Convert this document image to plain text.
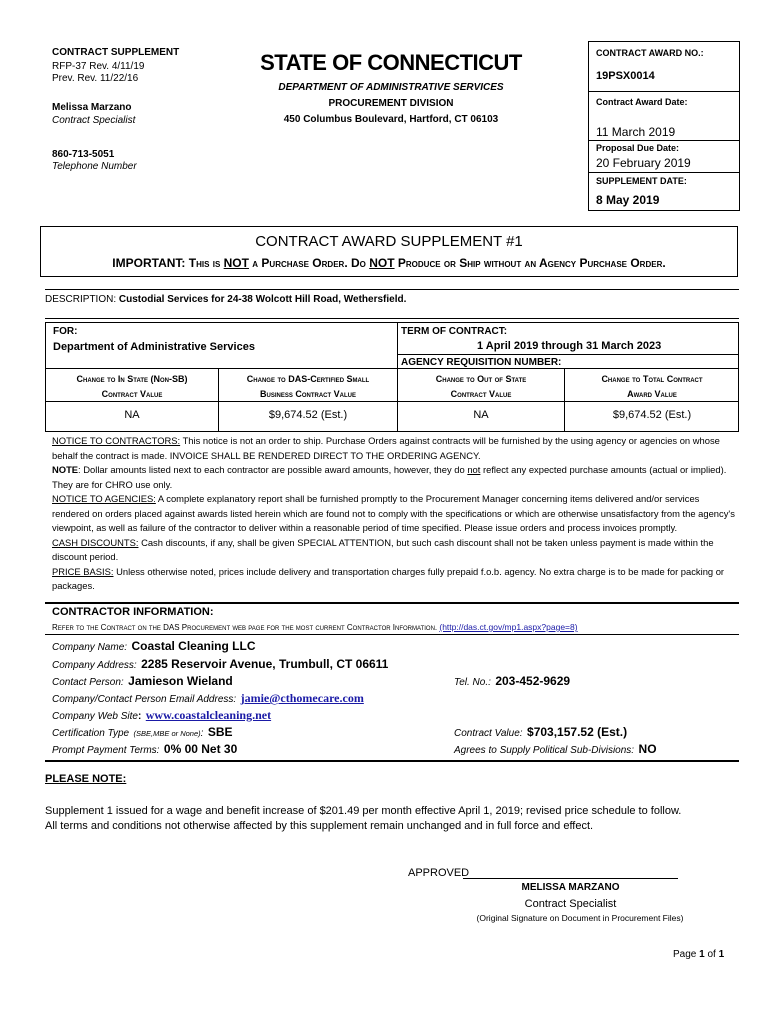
CONTRACT SUPPLEMENT
RFP-37 Rev. 4/11/19
Prev. Rev. 11/22/16
Melissa Marzano
Contract Specialist
860-713-5051
Telephone Number
STATE OF CONNECTICUT
DEPARTMENT OF ADMINISTRATIVE SERVICES
PROCUREMENT DIVISION
450 Columbus Boulevard, Hartford, CT 06103
CONTRACT AWARD NO.:
19PSX0014
Contract Award Date:
11 March 2019
Proposal Due Date:
20 February 2019
SUPPLEMENT DATE:
8 May 2019
CONTRACT AWARD SUPPLEMENT #1
IMPORTANT: This is NOT a Purchase Order. Do NOT Produce or Ship without an Agency Purchase Order.
DESCRIPTION: Custodial Services for 24-38 Wolcott Hill Road, Wethersfield.
FOR:
Department of Administrative Services
TERM OF CONTRACT:
1 April 2019 through 31 March 2023
AGENCY REQUISITION NUMBER:
Change to In State (Non-SB)
Contract Value
Change to DAS-Certified Small
Business Contract Value
Change to Out of State
Contract Value
Change to Total Contract
Award Value
NA	$9,674.52 (Est.)	NA	$9,674.52 (Est.)
NOTICE TO CONTRACTORS: This notice is not an order to ship. Purchase Orders against contracts will be furnished by the using agency or agencies on whose behalf the contract is made. INVOICE SHALL BE RENDERED DIRECT TO THE ORDERING AGENCY.
NOTE: Dollar amounts listed next to each contractor are possible award amounts, however, they do not reflect any expected purchase amounts (actual or implied). They are for CHRO use only.
NOTICE TO AGENCIES: A complete explanatory report shall be furnished promptly to the Procurement Manager concerning items delivered and/or services rendered on orders placed against awards listed herein which are found not to comply with the specifications or which are otherwise unsatisfactory from the agency's viewpoint, as well as failure of the contractor to deliver within a reasonable period of time specified. Please issue orders and process invoices promptly.
CASH DISCOUNTS: Cash discounts, if any, shall be given SPECIAL ATTENTION, but such cash discount shall not be taken unless payment is made within the discount period.
PRICE BASIS: Unless otherwise noted, prices include delivery and transportation charges fully prepaid f.o.b. agency. No extra charge is to be made for packing or packages.
CONTRACTOR INFORMATION:
Refer to the Contract on the DAS Procurement web page for the most current Contractor Information. (http://das.ct.gov/mp1.aspx?page=8)
Company Name: Coastal Cleaning LLC
Company Address: 2285 Reservoir Avenue, Trumbull, CT 06611
Contact Person: Jamieson Wieland	Tel. No.: 203-452-9629
Company/Contact Person Email Address: jamie@cthomecare.com
Company Web Site: www.coastalcleaning.net
Certification Type (SBE,MBE or None): SBE	Contract Value: $703,157.52 (Est.)
Prompt Payment Terms: 0% 00 Net 30	Agrees to Supply Political Sub-Divisions: NO
PLEASE NOTE:
Supplement 1 issued for a wage and benefit increase of $201.49 per month effective April 1, 2019; revised price schedule to follow.
All terms and conditions not otherwise affected by this supplement remain unchanged and in full force and effect.
APPROVED
MELISSA MARZANO
Contract Specialist
(Original Signature on Document in Procurement Files)
Page 1 of 1
